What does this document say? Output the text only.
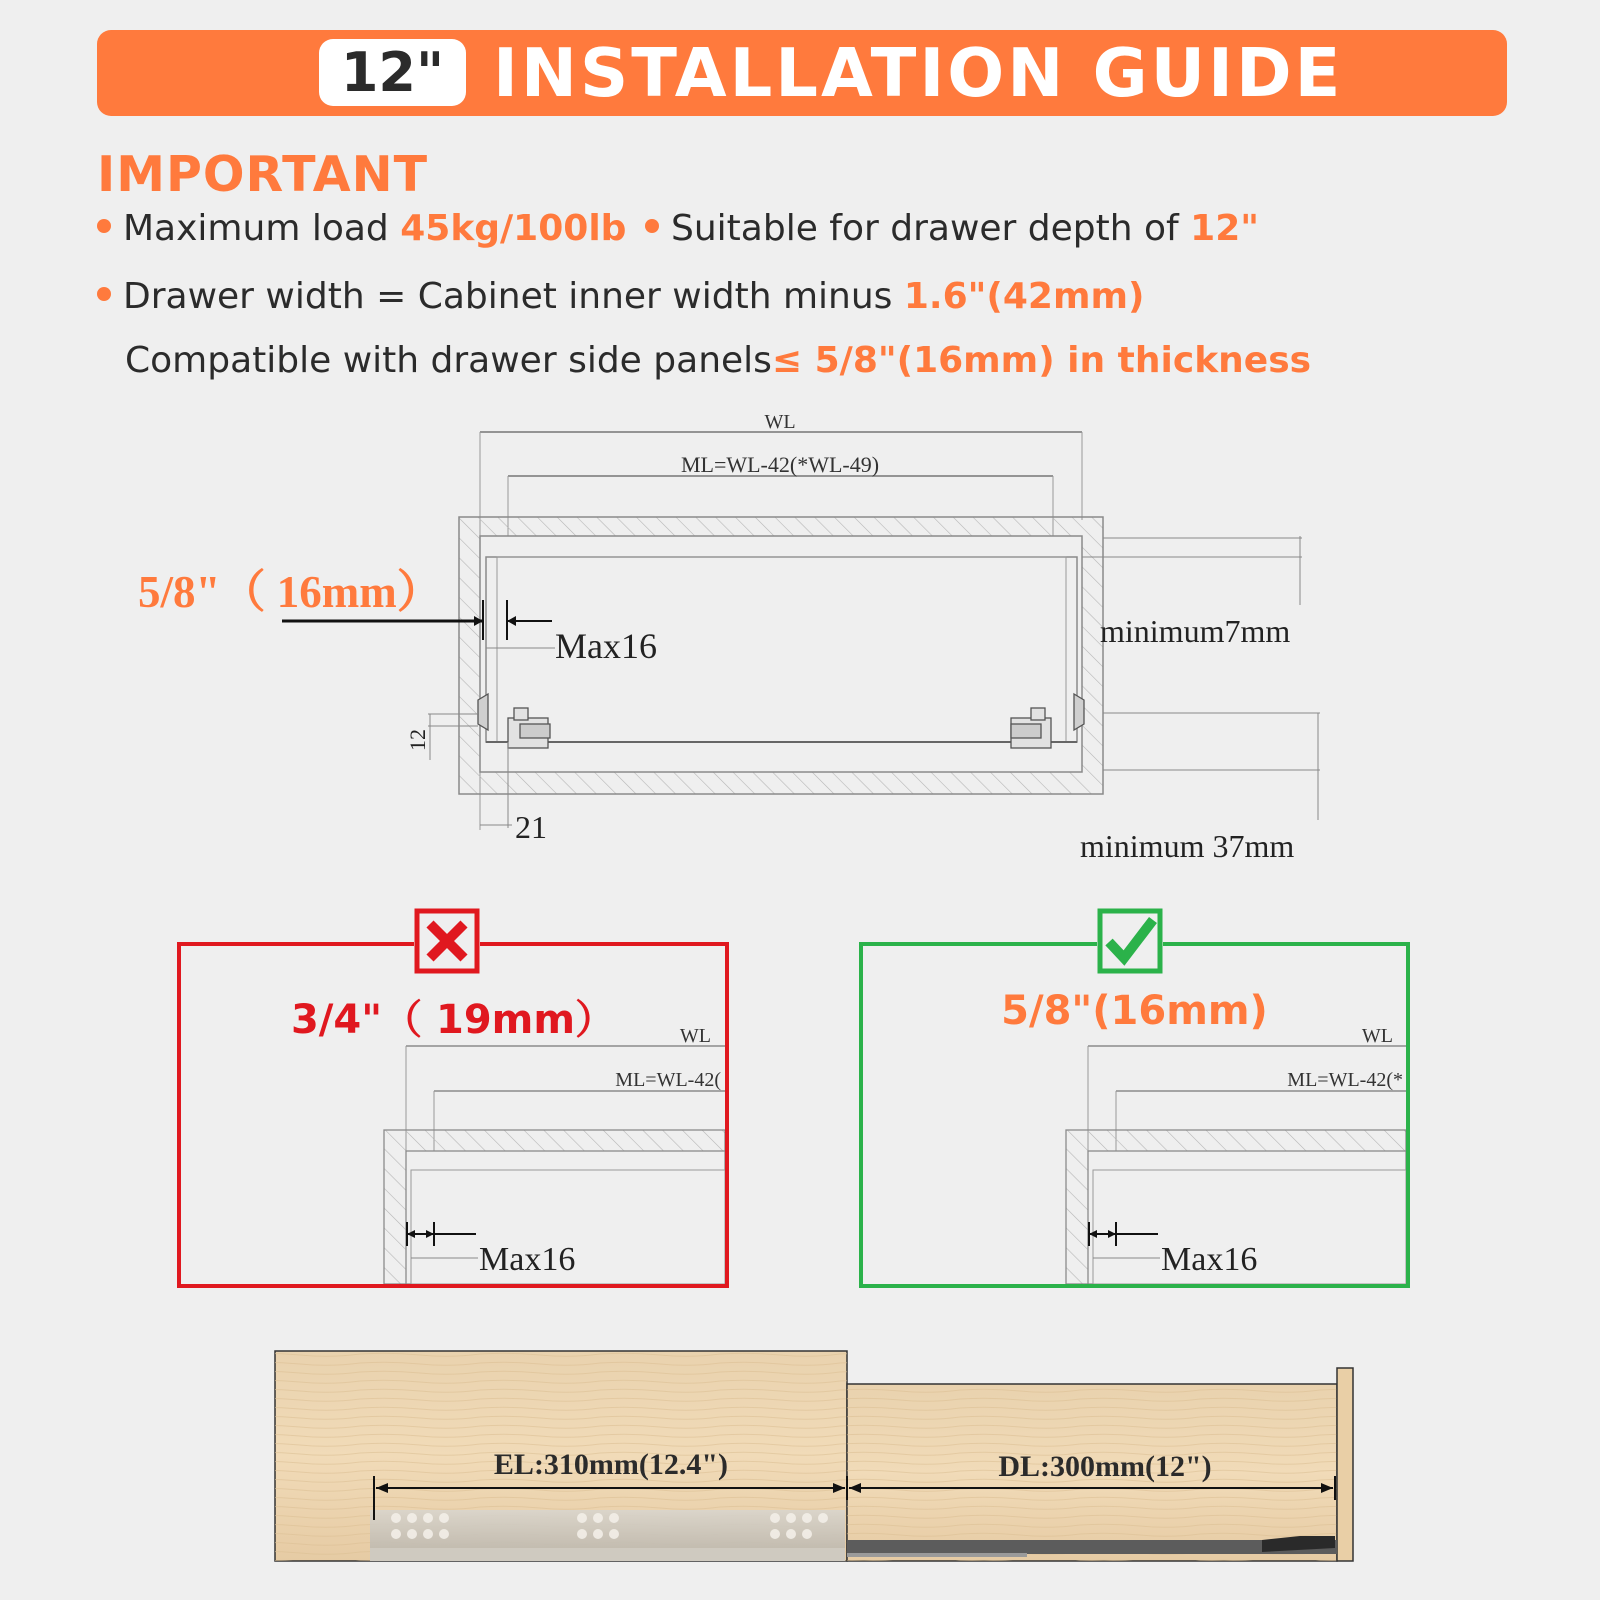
12" INSTALLATION GUIDE
IMPORTANT
Maximum load 45kg/100lb	Suitable for drawer depth of 12"
Drawer width = Cabinet inner width minus 1.6"(42mm)
Compatible with drawer side panels≤ 5/8"(16mm) in thickness
WL
ML=WL-42(*WL-49)
minimum7mm
minimum 37mm
12
21
Max16
5/8"（ 16mm）
3/4"（ 19mm）	WL
ML=WL-42(
Max16
5/8"(16mm)
WL
ML=WL-42(*
Max16
EL:310mm(12.4")	DL:300mm(12")
